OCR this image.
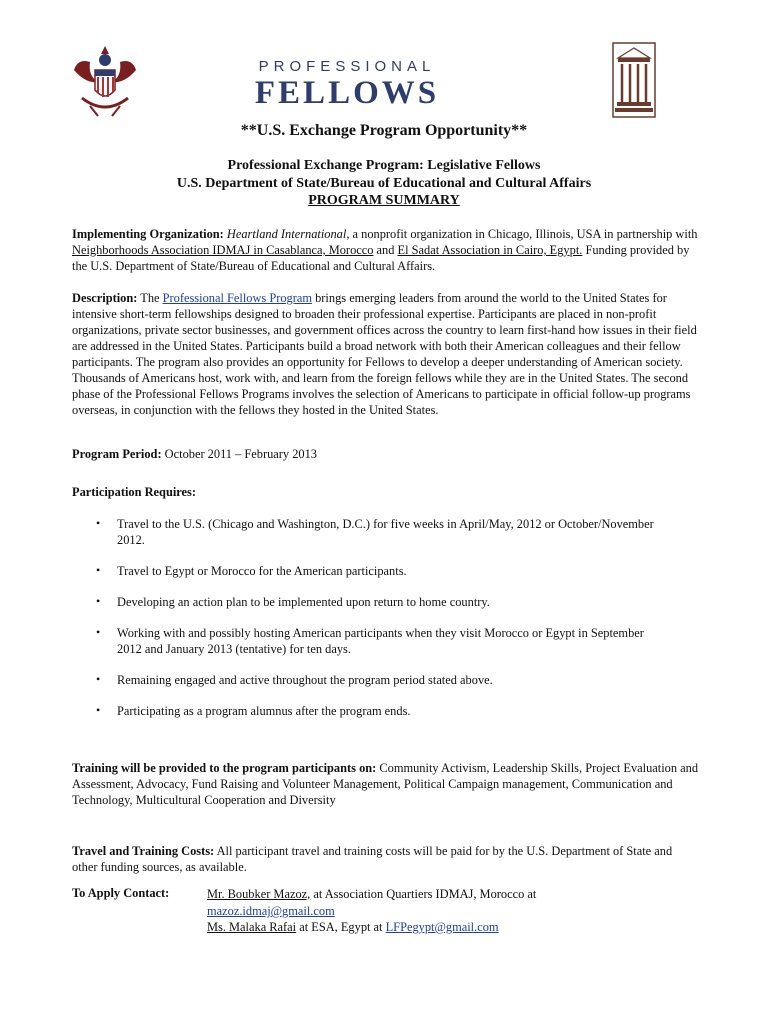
PROFESSIONAL
FELLOWS
**U.S. Exchange Program Opportunity**
Professional Exchange Program: Legislative Fellows
U.S. Department of State/Bureau of Educational and Cultural Affairs
PROGRAM SUMMARY
Implementing Organization: Heartland International, a nonprofit organization in Chicago, Illinois, USA in partnership with Neighborhoods Association IDMAJ in Casablanca, Morocco and El Sadat Association in Cairo, Egypt. Funding provided by the U.S. Department of State/Bureau of Educational and Cultural Affairs.
Description: The Professional Fellows Program brings emerging leaders from around the world to the United States for intensive short-term fellowships designed to broaden their professional expertise. Participants are placed in non-profit organizations, private sector businesses, and government offices across the country to learn first-hand how issues in their field are addressed in the United States. Participants build a broad network with both their American colleagues and their fellow participants. The program also provides an opportunity for Fellows to develop a deeper understanding of American society. Thousands of Americans host, work with, and learn from the foreign fellows while they are in the United States. The second phase of the Professional Fellows Programs involves the selection of Americans to participate in official follow-up programs overseas, in conjunction with the fellows they hosted in the United States.
Program Period: October 2011 – February 2013
Participation Requires:
• Travel to the U.S. (Chicago and Washington, D.C.) for five weeks in April/May, 2012 or October/November 2012.
• Travel to Egypt or Morocco for the American participants.
• Developing an action plan to be implemented upon return to home country.
• Working with and possibly hosting American participants when they visit Morocco or Egypt in September 2012 and January 2013 (tentative) for ten days.
• Remaining engaged and active throughout the program period stated above.
• Participating as a program alumnus after the program ends.
Training will be provided to the program participants on: Community Activism, Leadership Skills, Project Evaluation and Assessment, Advocacy, Fund Raising and Volunteer Management, Political Campaign management, Communication and Technology, Multicultural Cooperation and Diversity
Travel and Training Costs: All participant travel and training costs will be paid for by the U.S. Department of State and other funding sources, as available.
To Apply Contact:	Mr. Boubker Mazoz, at Association Quartiers IDMAJ, Morocco at
mazoz.idmaj@gmail.com
Ms. Malaka Rafai at ESA, Egypt at LFPegypt@gmail.com
